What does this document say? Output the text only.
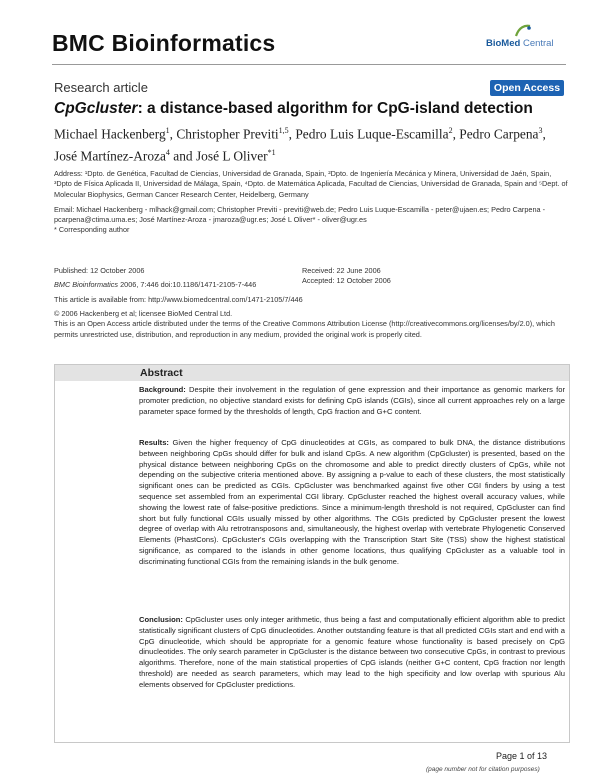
BMC Bioinformatics	BioMed Central
Research article	Open Access
CpGcluster: a distance-based algorithm for CpG-island detection
Michael Hackenberg$^1$, Christopher Previti$^{1,5}$, Pedro Luis Luque-Escamilla$^2$, Pedro Carpena$^3$, José Martínez-Aroza$^4$ and José L Oliver$^{*1}$
Address: ¹Dpto. de Genética, Facultad de Ciencias, Universidad de Granada, Spain, ²Dpto. de Ingeniería Mecánica y Minera, Universidad de Jaén, Spain, ³Dpto de Física Aplicada II, Universidad de Málaga, Spain, ⁴Dpto. de Matemática Aplicada, Facultad de Ciencias, Universidad de Granada, Spain and ⁵Dept. of Molecular Biophysics, German Cancer Research Center, Heidelberg, Germany
Email: Michael Hackenberg - mlhack@gmail.com; Christopher Previti - previti@web.de; Pedro Luis Luque-Escamilla - peter@ujaen.es; Pedro Carpena - pcarpena@ctima.uma.es; José Martínez-Aroza - jmaroza@ugr.es; José L Oliver* - oliver@ugr.es
* Corresponding author
Published: 12 October 2006
BMC Bioinformatics 2006, 7:446 doi:10.1186/1471-2105-7-446
Received: 22 June 2006
Accepted: 12 October 2006
This article is available from: http://www.biomedcentral.com/1471-2105/7/446
© 2006 Hackenberg et al; licensee BioMed Central Ltd.
This is an Open Access article distributed under the terms of the Creative Commons Attribution License (http://creativecommons.org/licenses/by/2.0), which permits unrestricted use, distribution, and reproduction in any medium, provided the original work is properly cited.
Abstract
Background: Despite their involvement in the regulation of gene expression and their importance as genomic markers for promoter prediction, no objective standard exists for defining CpG islands (CGIs), since all current approaches rely on a large parameter space formed by the thresholds of length, CpG fraction and G+C content.
Results: Given the higher frequency of CpG dinucleotides at CGIs, as compared to bulk DNA, the distance distributions between neighboring CpGs should differ for bulk and island CpGs. A new algorithm (CpGcluster) is presented, based on the physical distance between neighboring CpGs on the chromosome and able to predict directly clusters of CpGs, while not depending on the subjective criteria mentioned above. By assigning a p-value to each of these clusters, the most statistically significant ones can be predicted as CGIs. CpGcluster was benchmarked against five other CGI finders by using a test sequence set assembled from an experimental CGI library. CpGcluster reached the highest overall accuracy values, while showing the lowest rate of false-positive predictions. Since a minimum-length threshold is not required, CpGcluster can find short but fully functional CGIs usually missed by other algorithms. The CGIs predicted by CpGcluster present the lowest degree of overlap with Alu retrotransposons and, simultaneously, the highest overlap with vertebrate Phylogenetic Conserved Elements (PhastCons). CpGcluster's CGIs overlapping with the Transcription Start Site (TSS) show the highest statistical significance, as compared to the islands in other genome locations, thus qualifying CpGcluster as a valuable tool in discriminating functional CGIs from the remaining islands in the bulk genome.
Conclusion: CpGcluster uses only integer arithmetic, thus being a fast and computationally efficient algorithm able to predict statistically significant clusters of CpG dinucleotides. Another outstanding feature is that all predicted CGIs start and end with a CpG dinucleotide, which should be appropriate for a genomic feature whose functionality is based precisely on CpG dinucleotides. The only search parameter in CpGcluster is the distance between two consecutive CpGs, in contrast to previous algorithms. Therefore, none of the main statistical properties of CpG islands (neither G+C content, CpG fraction nor length threshold) are needed as search parameters, which may lead to the high specificity and low overlap with spurious Alu elements observed for CpGcluster predictions.
Page 1 of 13
(page number not for citation purposes)
